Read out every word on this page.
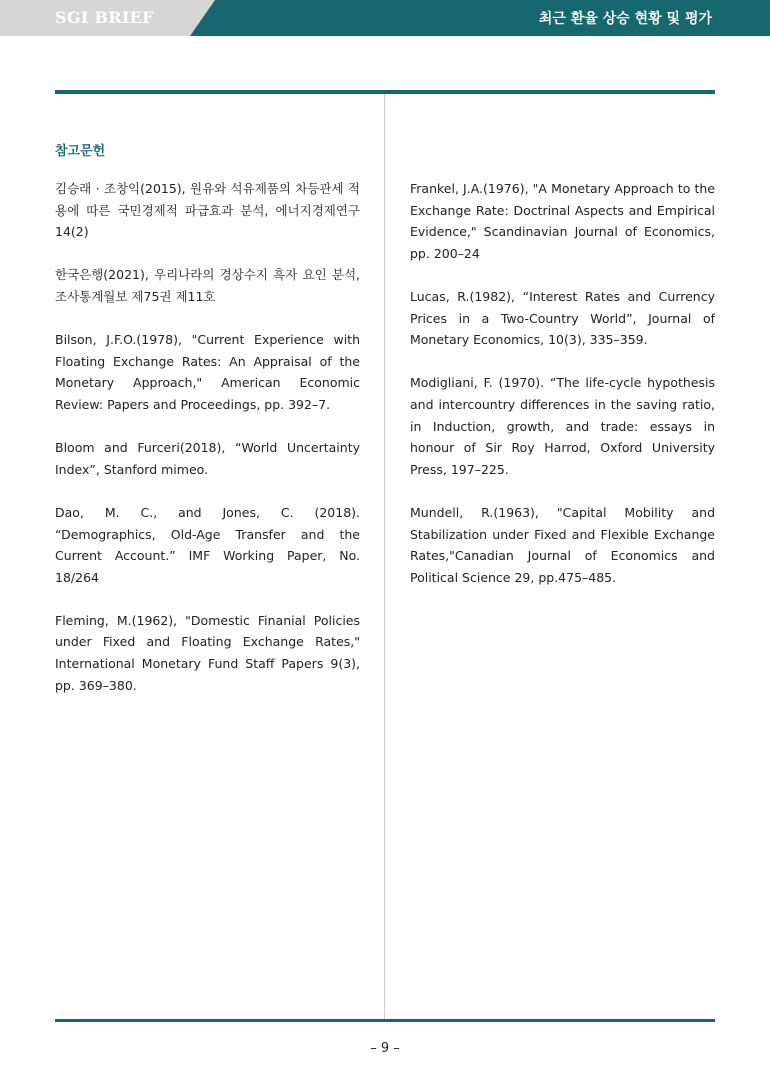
SGI BRIEF	최근 환율 상승 현황 및 평가
참고문헌

김승래 · 조창익(2015), 원유와 석유제품의 차등관세 적용에 따른 국민경제적 파급효과 분석, 에너지경제연구 14(2)

한국은행(2021), 우리나라의 경상수지 흑자 요인 분석, 조사통계월보 제75권 제11호

Bilson, J.F.O.(1978), "Current Experience with Floating Exchange Rates: An Appraisal of the Monetary Approach," American Economic Review: Papers and Proceedings, pp. 392–7.

Bloom and Furceri(2018), “World Uncertainty Index”, Stanford mimeo.

Dao, M. C., and Jones, C. (2018). “Demographics, Old-Age Transfer and the Current Account.” IMF Working Paper, No. 18/264

Fleming, M.(1962), "Domestic Finanial Policies under Fixed and Floating Exchange Rates," International Monetary Fund Staff Papers 9(3), pp. 369–380.

Frankel, J.A.(1976), "A Monetary Approach to the Exchange Rate: Doctrinal Aspects and Empirical Evidence," Scandinavian Journal of Economics, pp. 200–24

Lucas, R.(1982), “Interest Rates and Currency Prices in a Two-Country World”, Journal of Monetary Economics, 10(3), 335–359.

Modigliani, F. (1970). “The life-cycle hypothesis and intercountry differences in the saving ratio, in Induction, growth, and trade: essays in honour of Sir Roy Harrod, Oxford University Press, 197–225.

Mundell, R.(1963), "Capital Mobility and Stabilization under Fixed and Flexible Exchange Rates,"Canadian Journal of Economics and Political Science 29, pp.475–485.

– 9 –
